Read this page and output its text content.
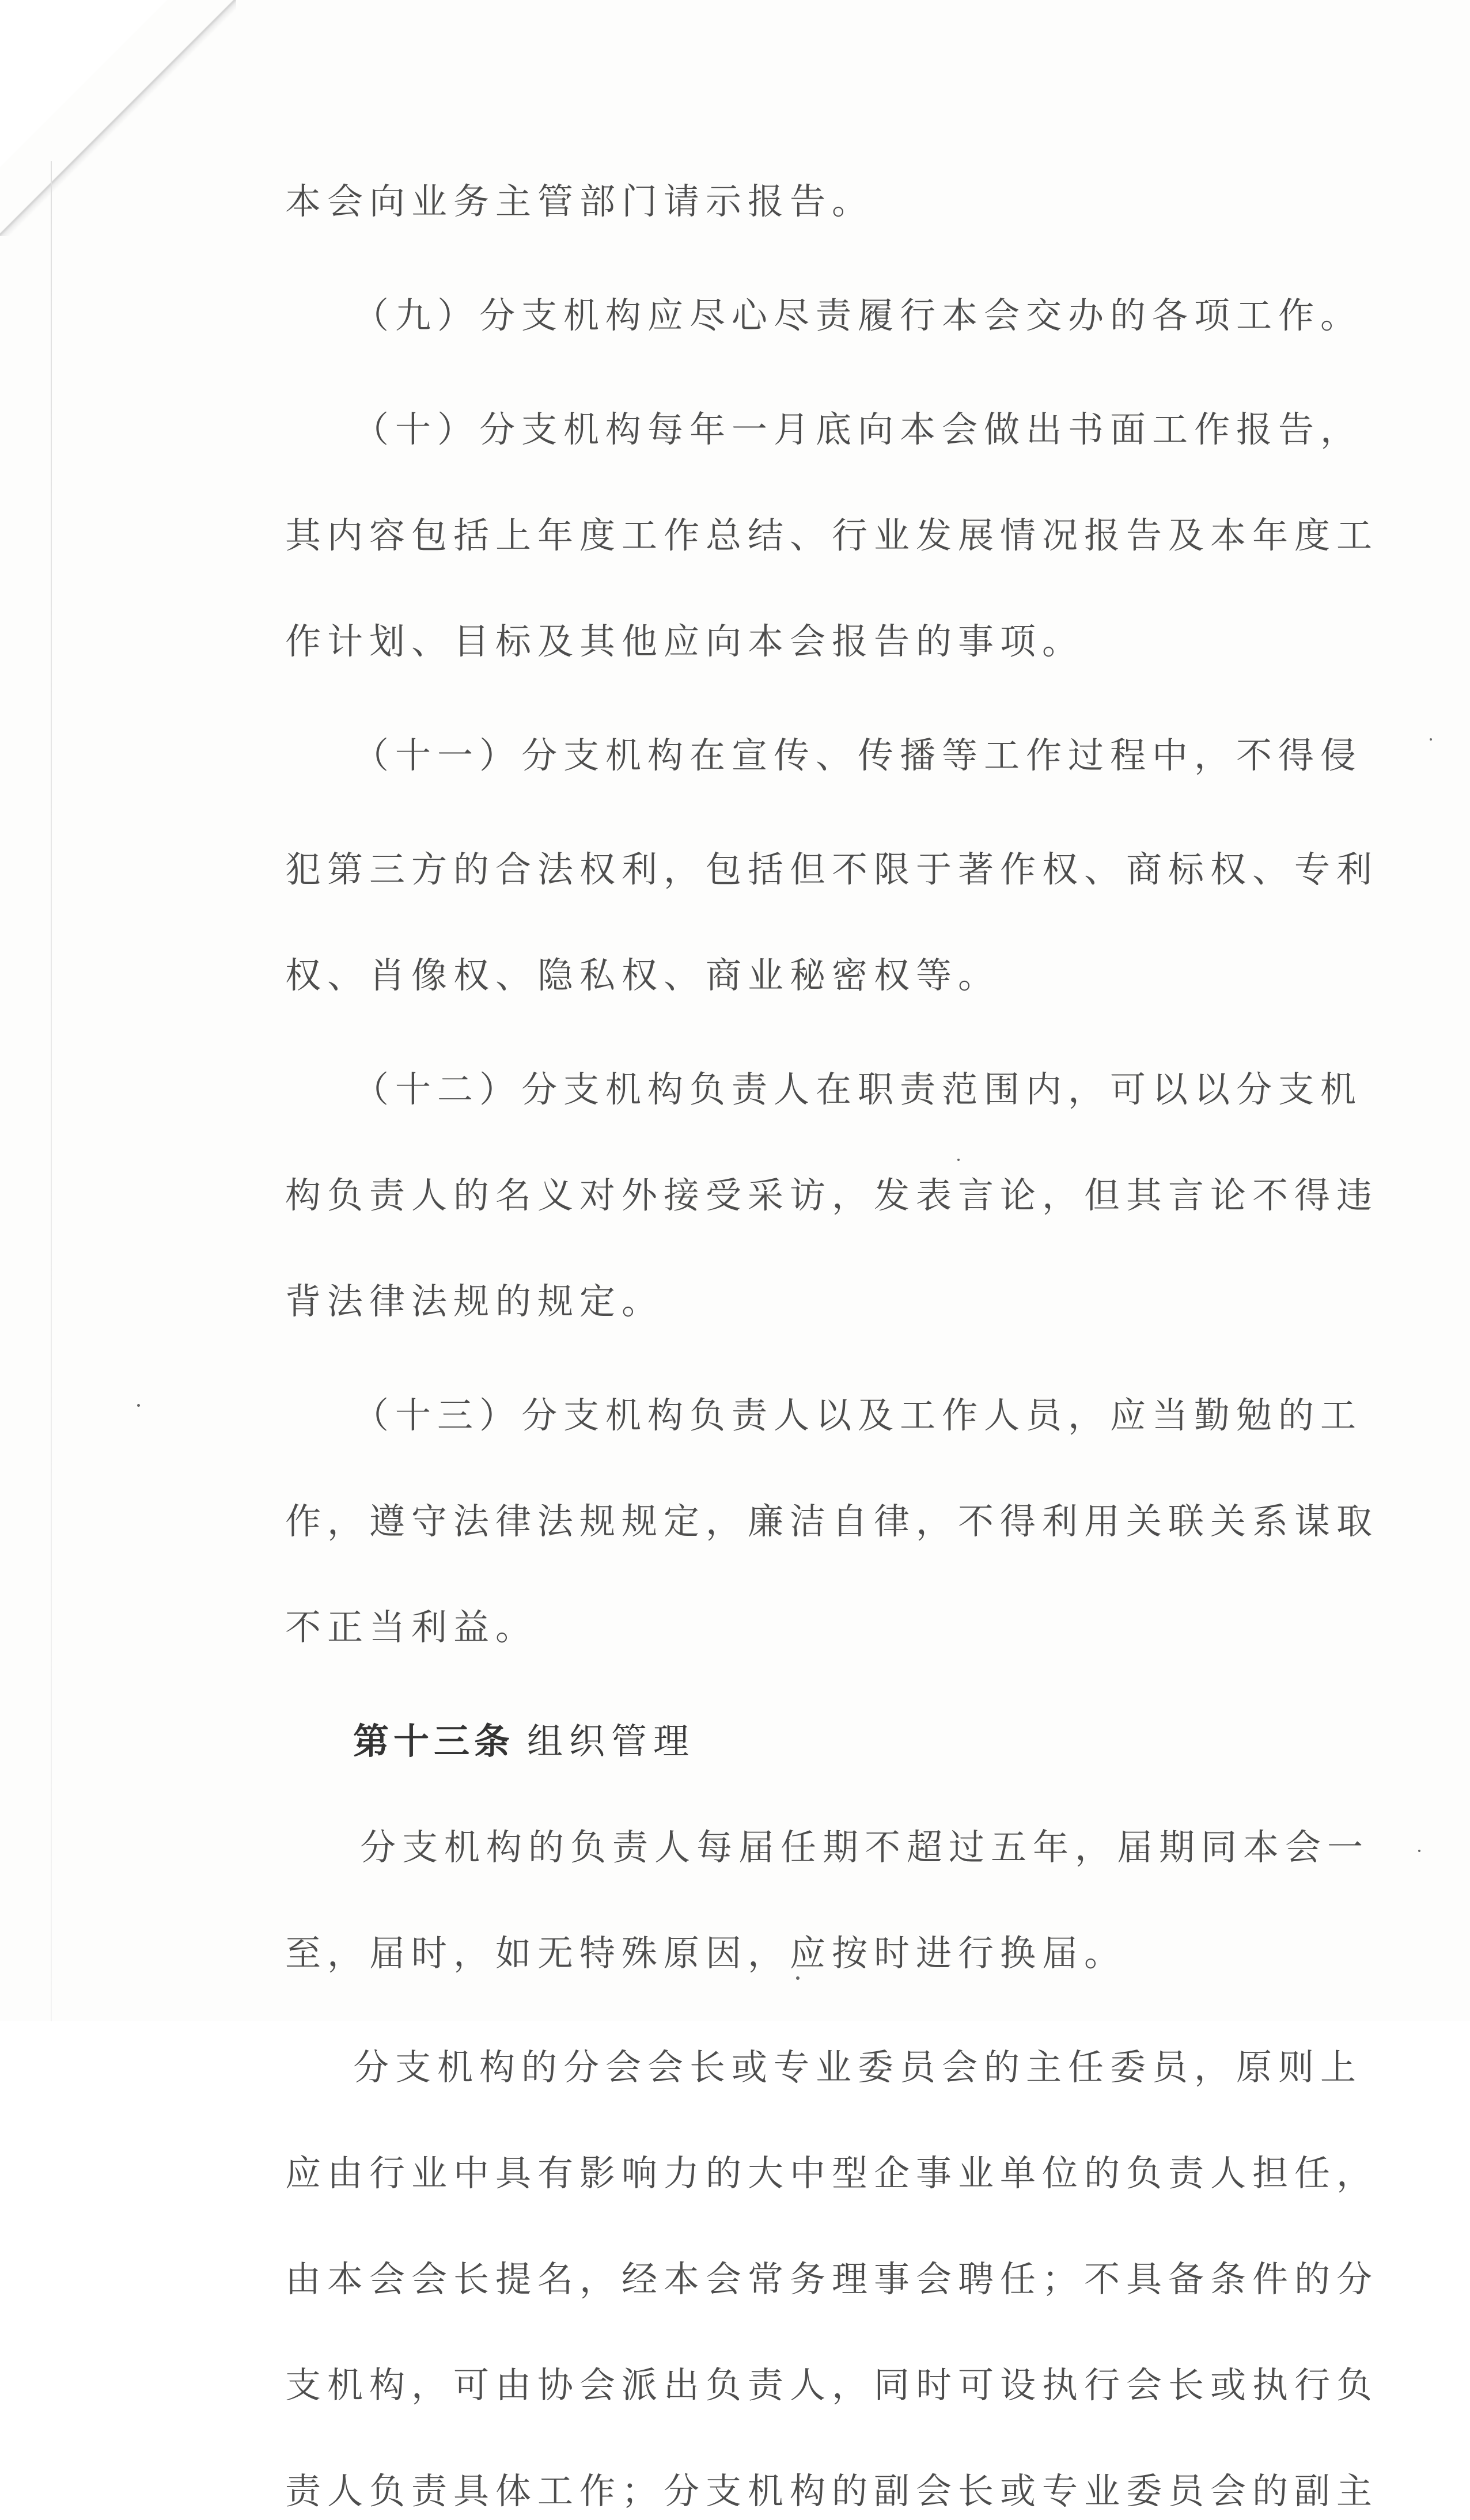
本会向业务主管部门请示报告。
（九）分支机构应尽心尽责履行本会交办的各项工作。
（十）分支机构每年一月底向本会做出书面工作报告，
其内容包括上年度工作总结、行业发展情况报告及本年度工
作计划、目标及其他应向本会报告的事项。
（十一）分支机构在宣传、传播等工作过程中，不得侵
犯第三方的合法权利，包括但不限于著作权、商标权、专利
权、肖像权、隐私权、商业秘密权等。
（十二）分支机构负责人在职责范围内，可以以分支机
构负责人的名义对外接受采访，发表言论，但其言论不得违
背法律法规的规定。
（十三）分支机构负责人以及工作人员，应当勤勉的工
作，遵守法律法规规定，廉洁自律，不得利用关联关系谋取
不正当利益。
第十三条 组织管理
分支机构的负责人每届任期不超过五年，届期同本会一
至，届时，如无特殊原因，应按时进行换届。
分支机构的分会会长或专业委员会的主任委员，原则上
应由行业中具有影响力的大中型企事业单位的负责人担任，
由本会会长提名，经本会常务理事会聘任；不具备条件的分
支机构，可由协会派出负责人，同时可设执行会长或执行负
责人负责具体工作；分支机构的副会长或专业委员会的副主
